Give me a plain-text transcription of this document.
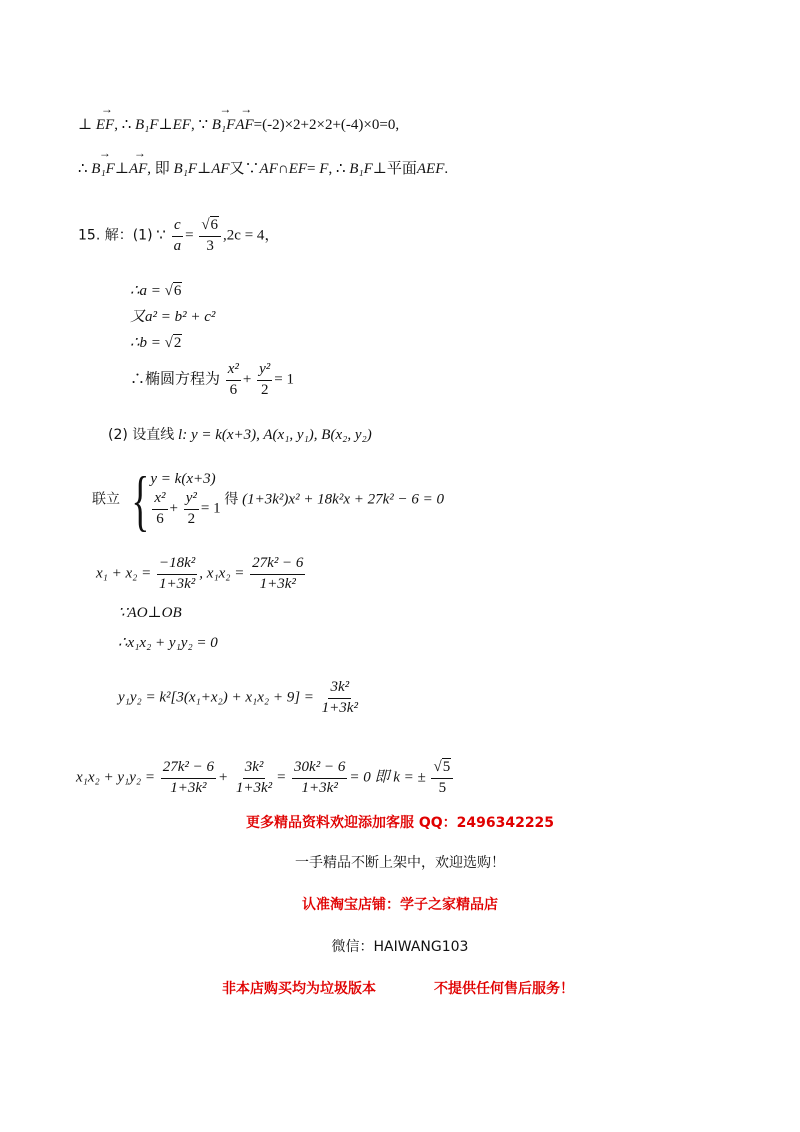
⊥ → EF, ∴ B₁F⊥EF, ∵ → B₁F→ AF=(-2)×2+2×2+(-4)×0=0,
∴ → B₁F⊥→ AF, 即 B₁F⊥AF又∵AF∩EF= F, ∴ B₁F⊥平面AEF.
15. 解：(1) ∵ $\frac{c}{a} = \frac{√6}{3} ,2c = 4$，
∴a = √6
又a² = b² + c²
∴b = √2
∴椭圆方程为 $\frac{\text{x²}}{6} + \frac{\text{y²}}{2} = 1$
(2) 设直线 l: y = k(x+3), A(x₁, y₁), B(x₂, y₂)
联立 { y = k(x+3)
$\frac{\text{x²}}{6} + \frac{\text{y²}}{2} = 1$
得 (1+3k²)x² + 18k²x + 27k² − 6 = 0
$x_1 + x_2 = \frac{\text{−18k²}}{\text{1+3k²}}$ , $x_1x_2 = \frac{\text{27k² − 6}}{\text{1+3k²}}$
∵AO⊥OB
∴x₁x₂ + y₁y₂ = 0
$y_1y_2 = k^2[3(x_1+x_2) + x_1x_2 + 9] = \frac{\text{3k²}}{\text{1+3k²}}$
$x_1x_2 + y_1y_2 = \frac{\text{27k² − 6}}{\text{1+3k²}} + \frac{\text{3k²}}{\text{1+3k²}} = \frac{\text{30k² − 6}}{\text{1+3k²}} = 0$ 即 k = ± $\frac{√5}{5}$
更多精品资料欢迎添加客服 QQ：2496342225
一手精品不断上架中，欢迎选购！
认准淘宝店铺：学子之家精品店
微信：HAIWANG103
非本店购买均为垃圾版本	不提供任何售后服务！
